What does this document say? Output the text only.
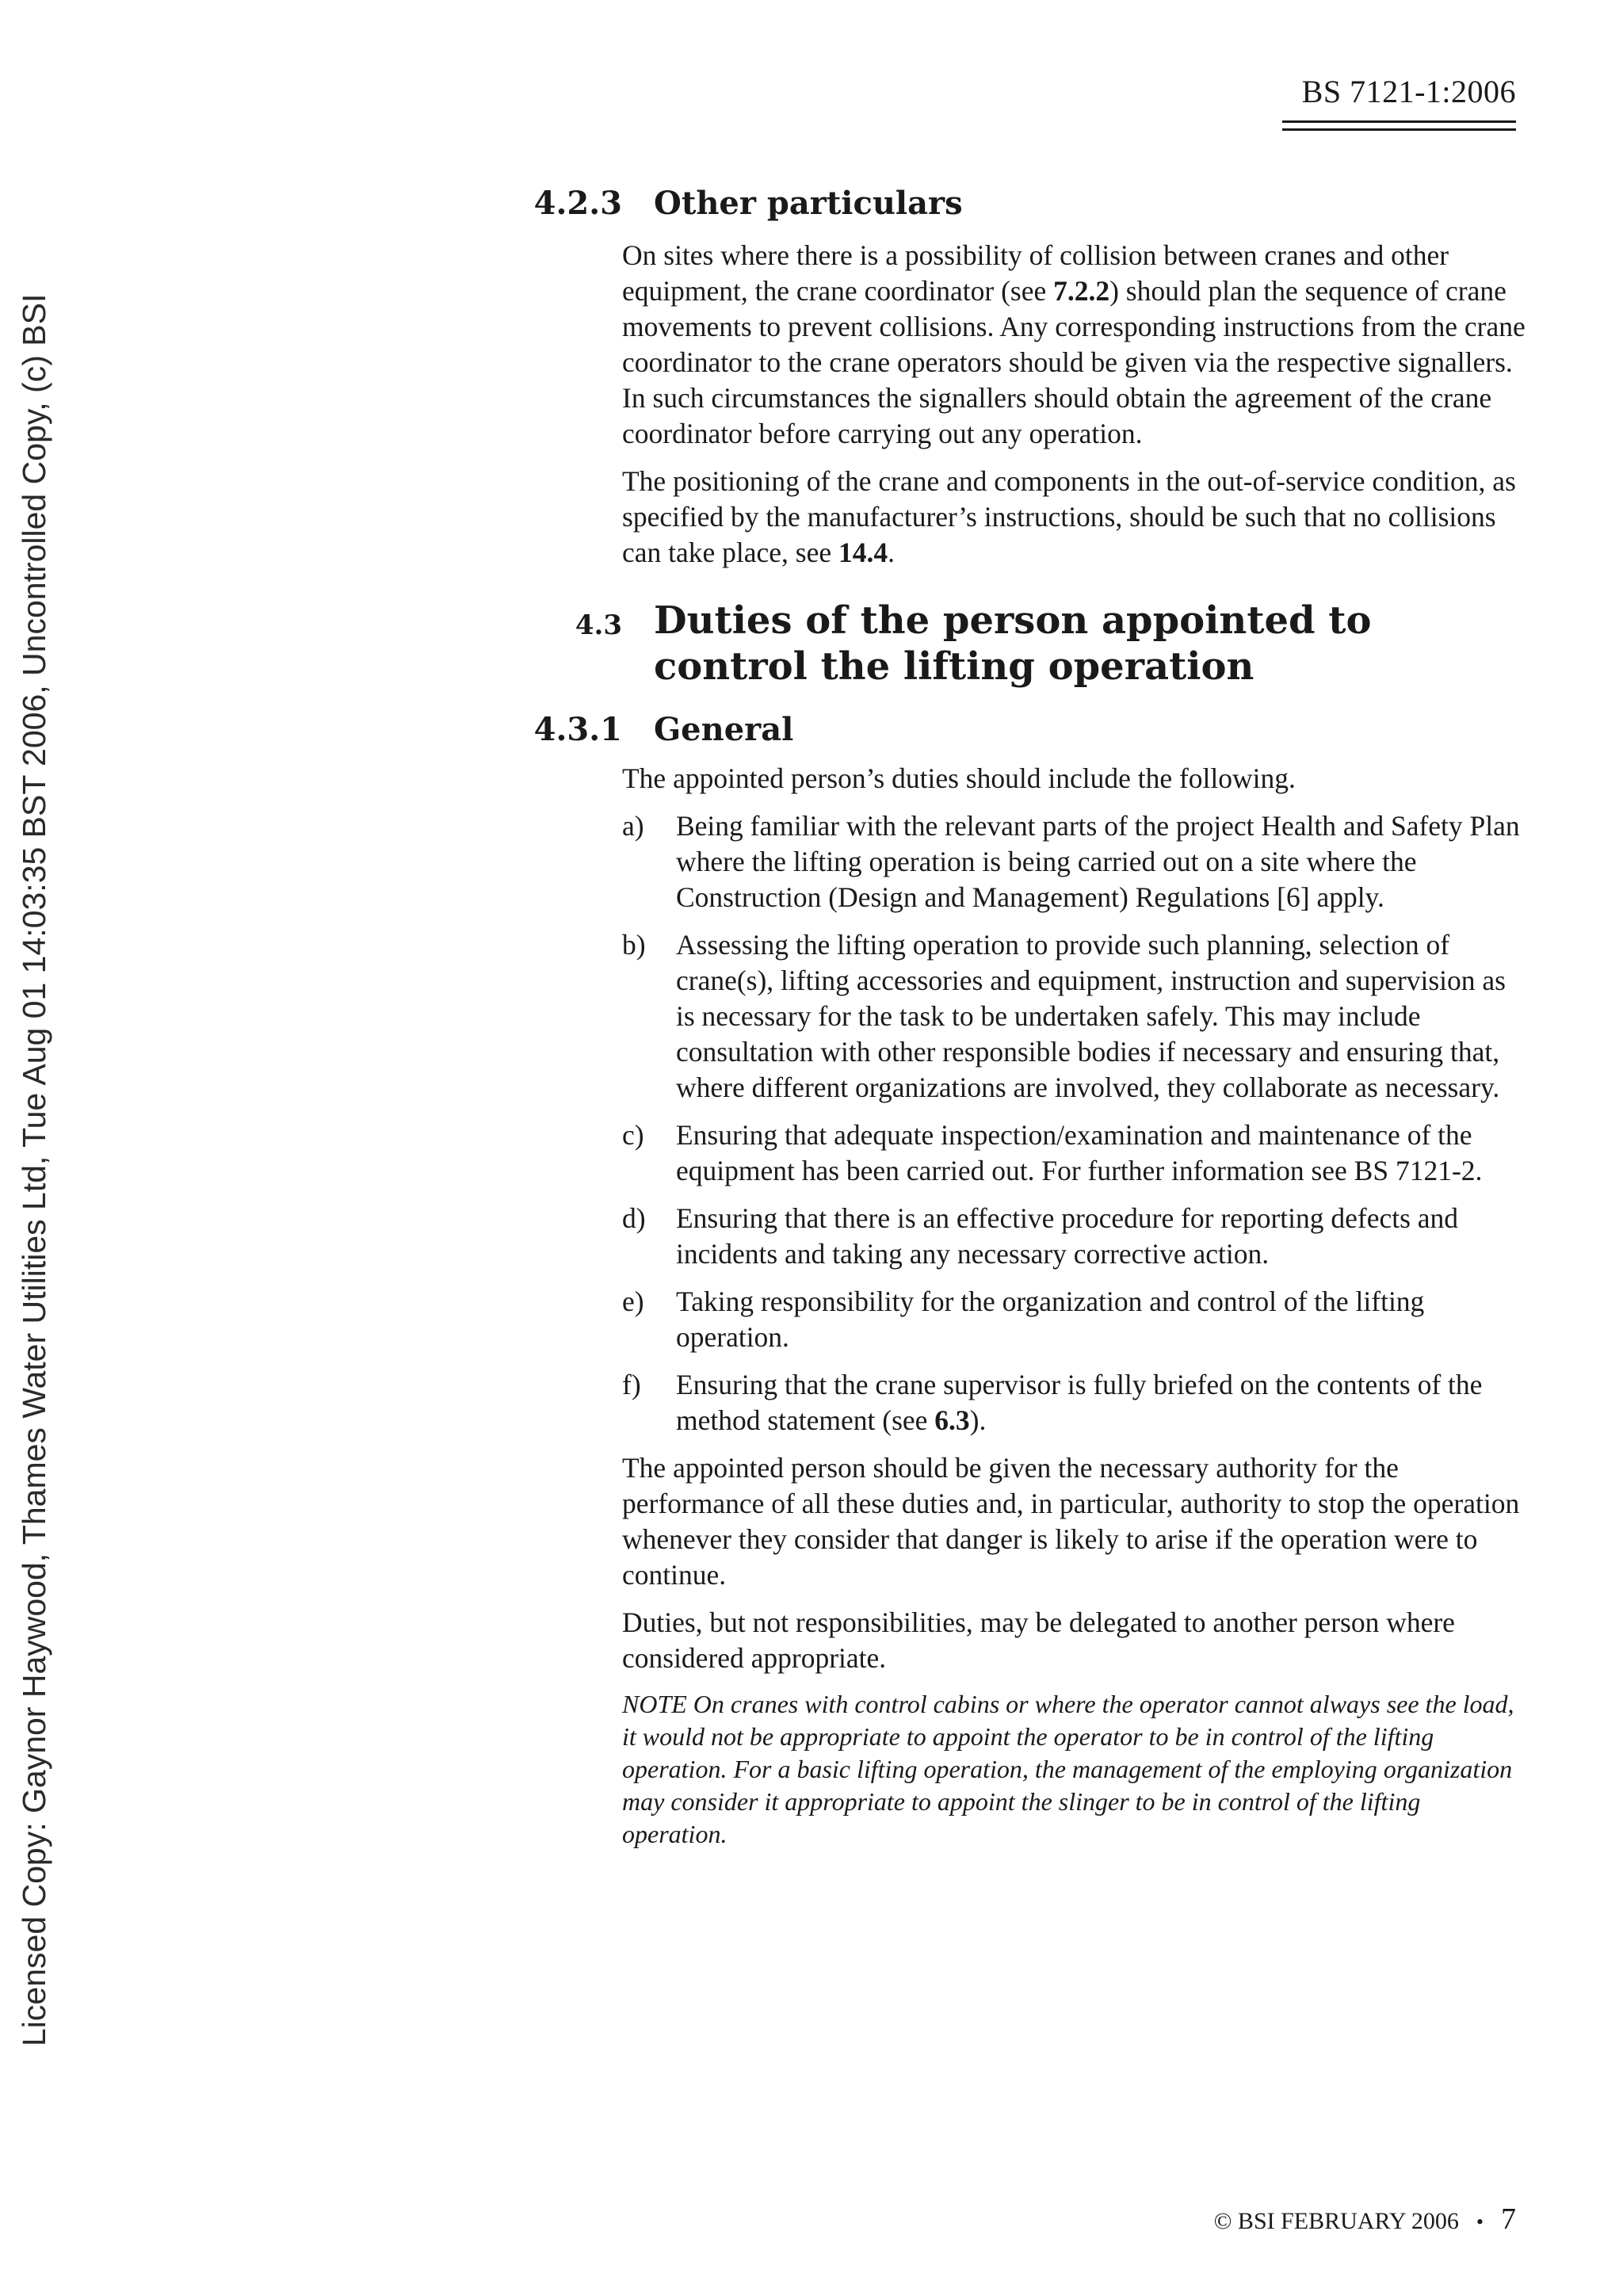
BS 7121-1:2006
Licensed Copy: Gaynor Haywood, Thames Water Utilities Ltd, Tue Aug 01 14:03:35 BST 2006, Uncontrolled Copy, (c) BSI
4.2.3	Other particulars

On sites where there is a possibility of collision between cranes and other equipment, the crane coordinator (see 7.2.2) should plan the sequence of crane movements to prevent collisions. Any corresponding instructions from the crane coordinator to the crane operators should be given via the respective signallers. In such circumstances the signallers should obtain the agreement of the crane coordinator before carrying out any operation.

The positioning of the crane and components in the out-of-service condition, as specified by the manufacturer’s instructions, should be such that no collisions can take place, see 14.4.

4.3 Duties of the person appointed to control the lifting operation
4.3.1	General

The appointed person’s duties should include the following.

a)	Being familiar with the relevant parts of the project Health and Safety Plan where the lifting operation is being carried out on a site where the Construction (Design and Management) Regulations [6] apply.
b)	Assessing the lifting operation to provide such planning, selection of crane(s), lifting accessories and equipment, instruction and supervision as is necessary for the task to be undertaken safely. This may include consultation with other responsible bodies if necessary and ensuring that, where different organizations are involved, they collaborate as necessary.
c)	Ensuring that adequate inspection/examination and maintenance of the equipment has been carried out. For further information see BS 7121-2.
d)	Ensuring that there is an effective procedure for reporting defects and incidents and taking any necessary corrective action.
e)	Taking responsibility for the organization and control of the lifting operation.
f)	Ensuring that the crane supervisor is fully briefed on the contents of the method statement (see 6.3).

The appointed person should be given the necessary authority for the performance of all these duties and, in particular, authority to stop the operation whenever they consider that danger is likely to arise if the operation were to continue.

Duties, but not responsibilities, may be delegated to another person where considered appropriate.

NOTE On cranes with control cabins or where the operator cannot always see the load, it would not be appropriate to appoint the operator to be in control of the lifting operation. For a basic lifting operation, the management of the employing organization may consider it appropriate to appoint the slinger to be in control of the lifting operation.

© BSI FEBRUARY 2006 • 7
